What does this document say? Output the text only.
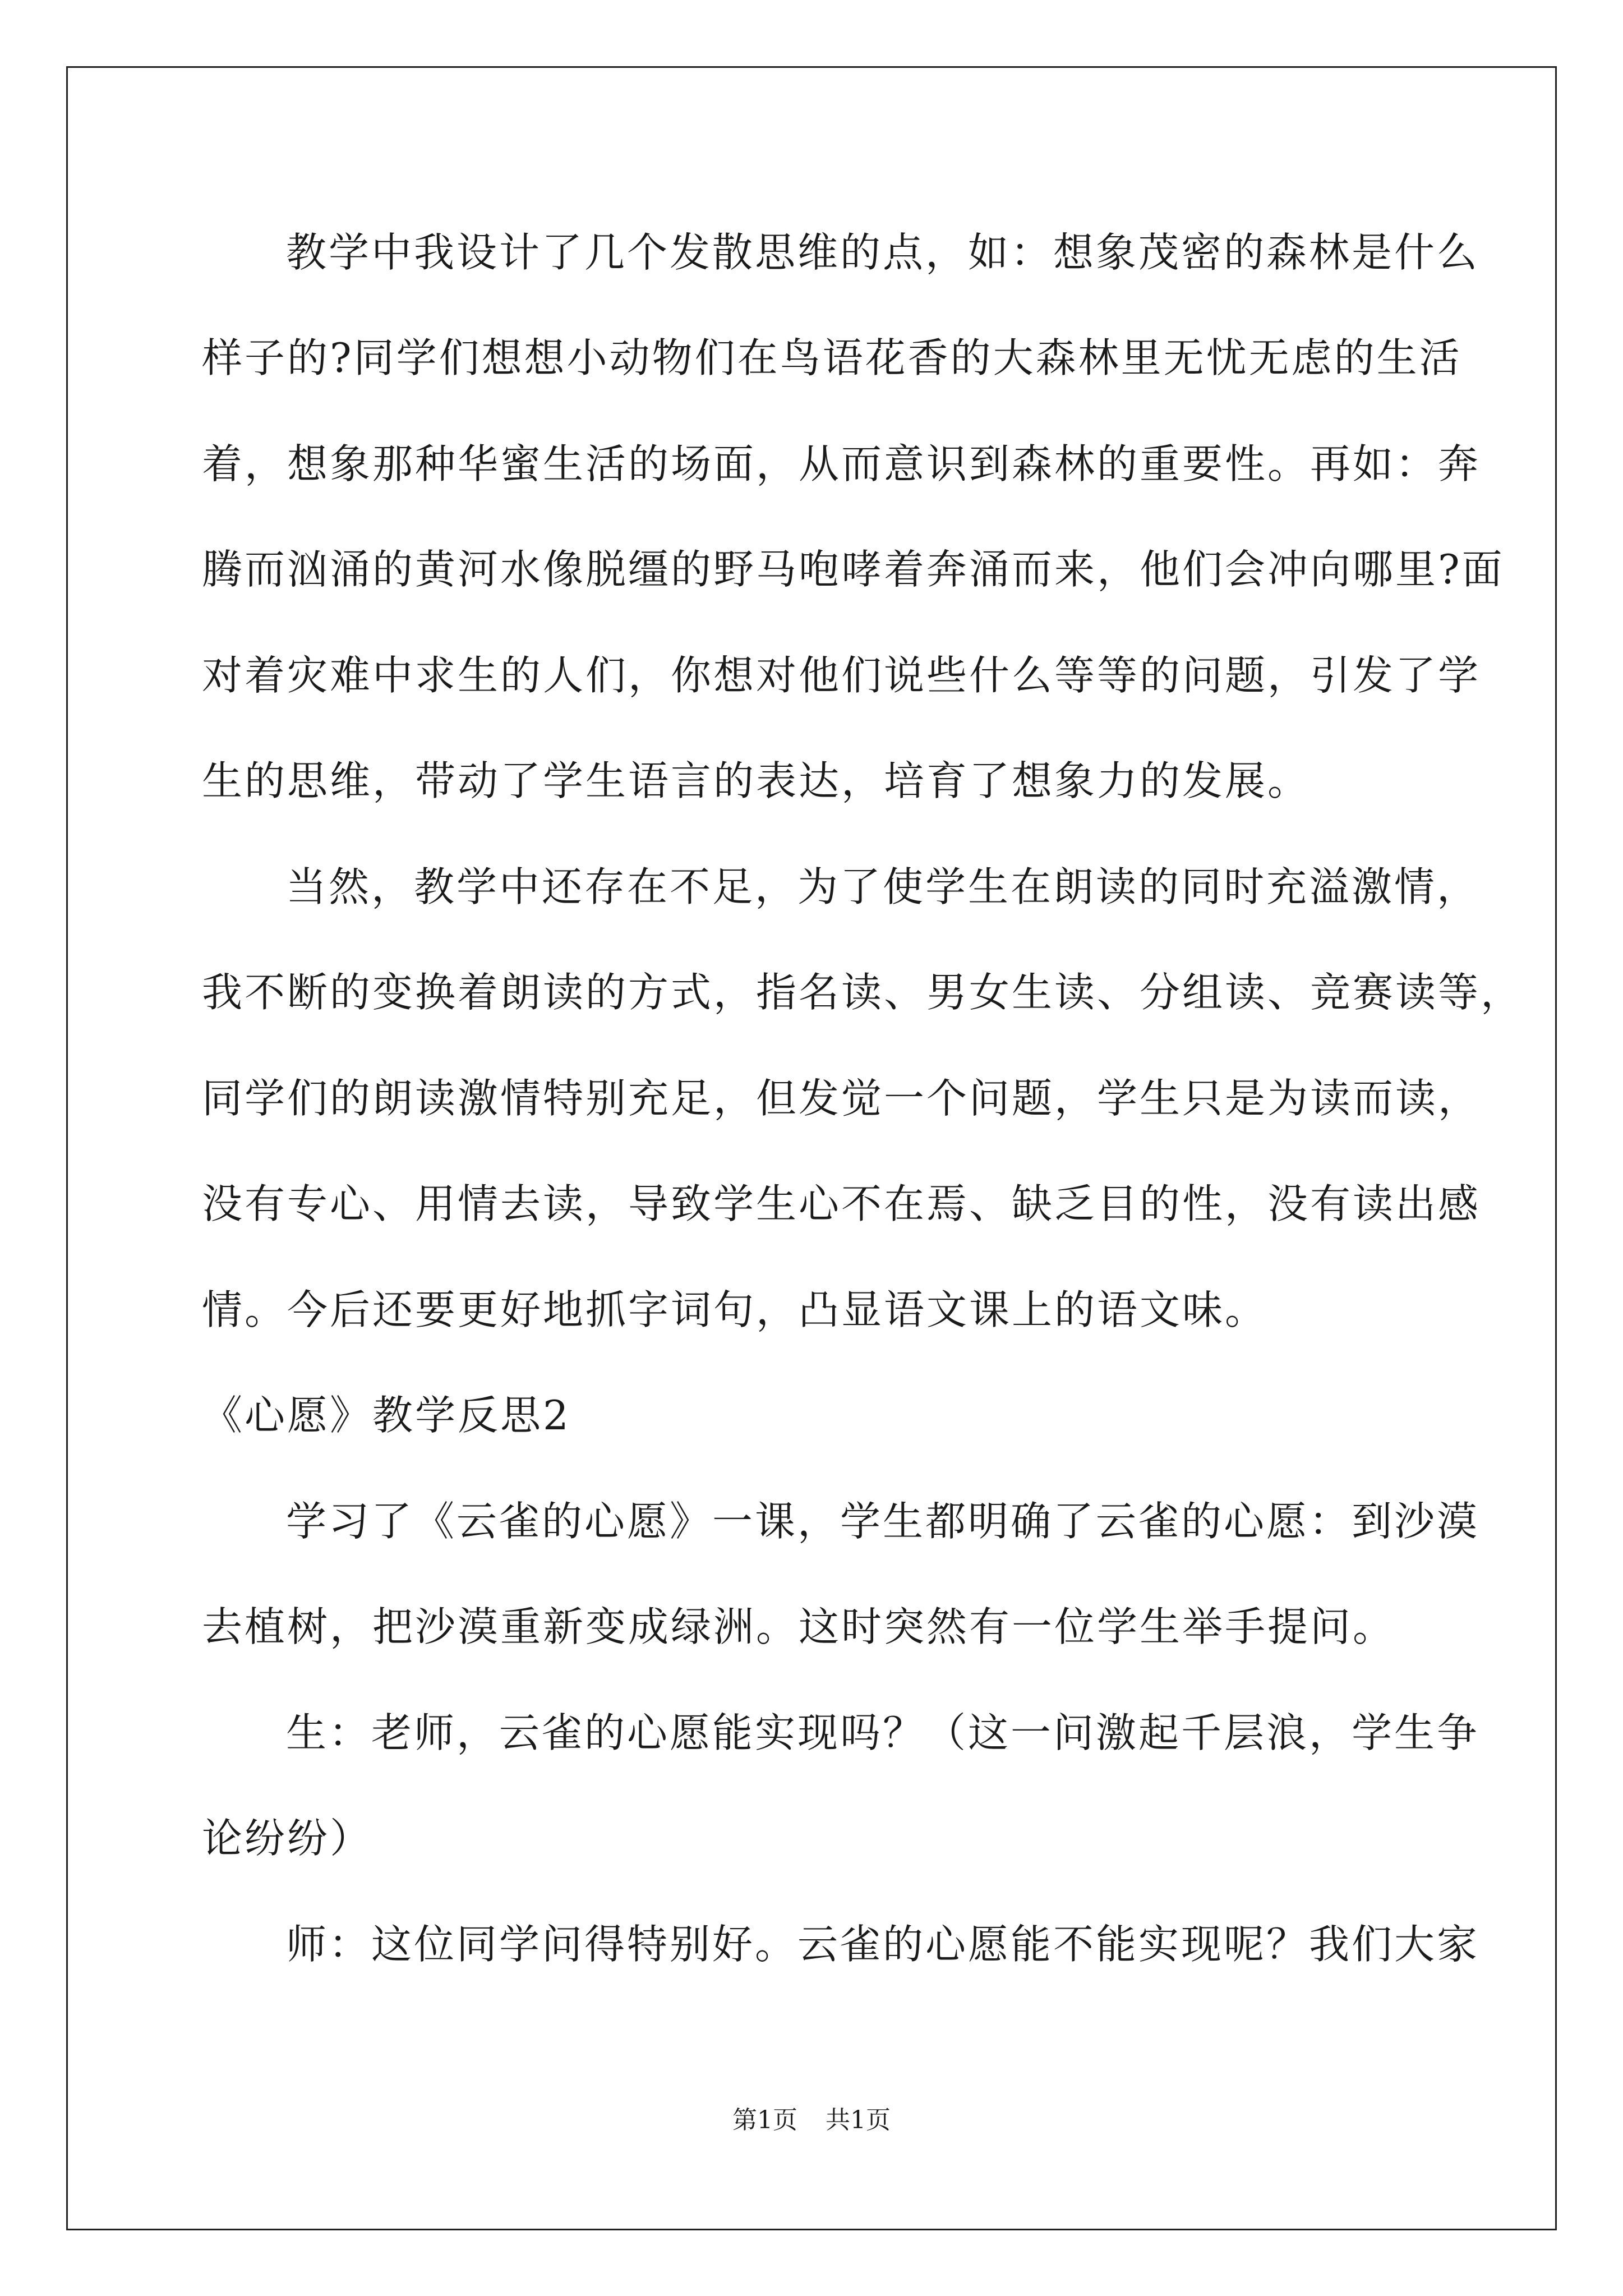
教学中我设计了几个发散思维的点，如：想象茂密的森林是什么
样子的?同学们想想小动物们在鸟语花香的大森林里无忧无虑的生活
着，想象那种华蜜生活的场面，从而意识到森林的重要性。再如：奔
腾而汹涌的黄河水像脱缰的野马咆哮着奔涌而来，他们会冲向哪里?面
对着灾难中求生的人们，你想对他们说些什么等等的问题，引发了学
生的思维，带动了学生语言的表达，培育了想象力的发展。
当然，教学中还存在不足，为了使学生在朗读的同时充溢激情，
我不断的变换着朗读的方式，指名读、男女生读、分组读、竞赛读等，
同学们的朗读激情特别充足，但发觉一个问题，学生只是为读而读，
没有专心、用情去读，导致学生心不在焉、缺乏目的性，没有读出感
情。今后还要更好地抓字词句，凸显语文课上的语文味。
《心愿》教学反思2
学习了《云雀的心愿》一课，学生都明确了云雀的心愿：到沙漠
去植树，把沙漠重新变成绿洲。这时突然有一位学生举手提问。
生：老师，云雀的心愿能实现吗？（这一问激起千层浪，学生争
论纷纷）
师：这位同学问得特别好。云雀的心愿能不能实现呢？我们大家
第1页 共1页
